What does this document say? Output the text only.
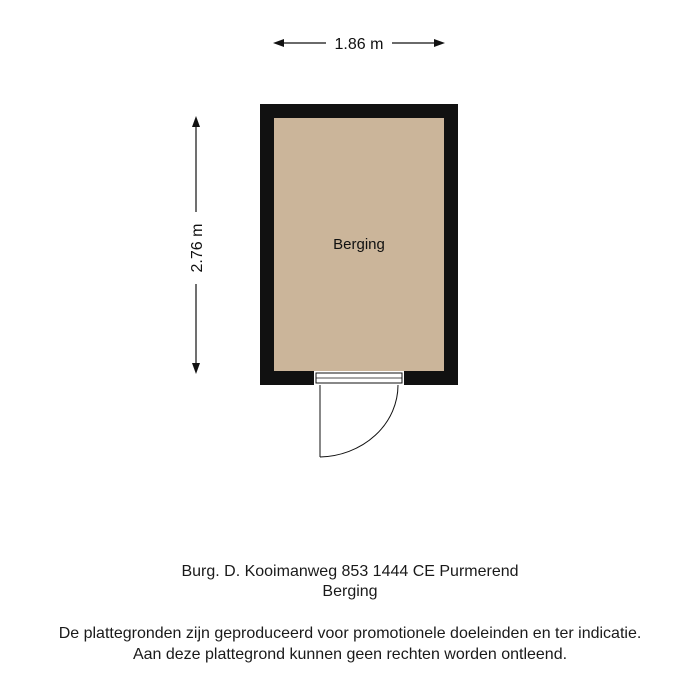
1.86 m
2.76 m	Berging
Burg. D. Kooimanweg 853 1444 CE Purmerend
Berging
De plattegronden zijn geproduceerd voor promotionele doeleinden en ter indicatie.
Aan deze plattegrond kunnen geen rechten worden ontleend.
